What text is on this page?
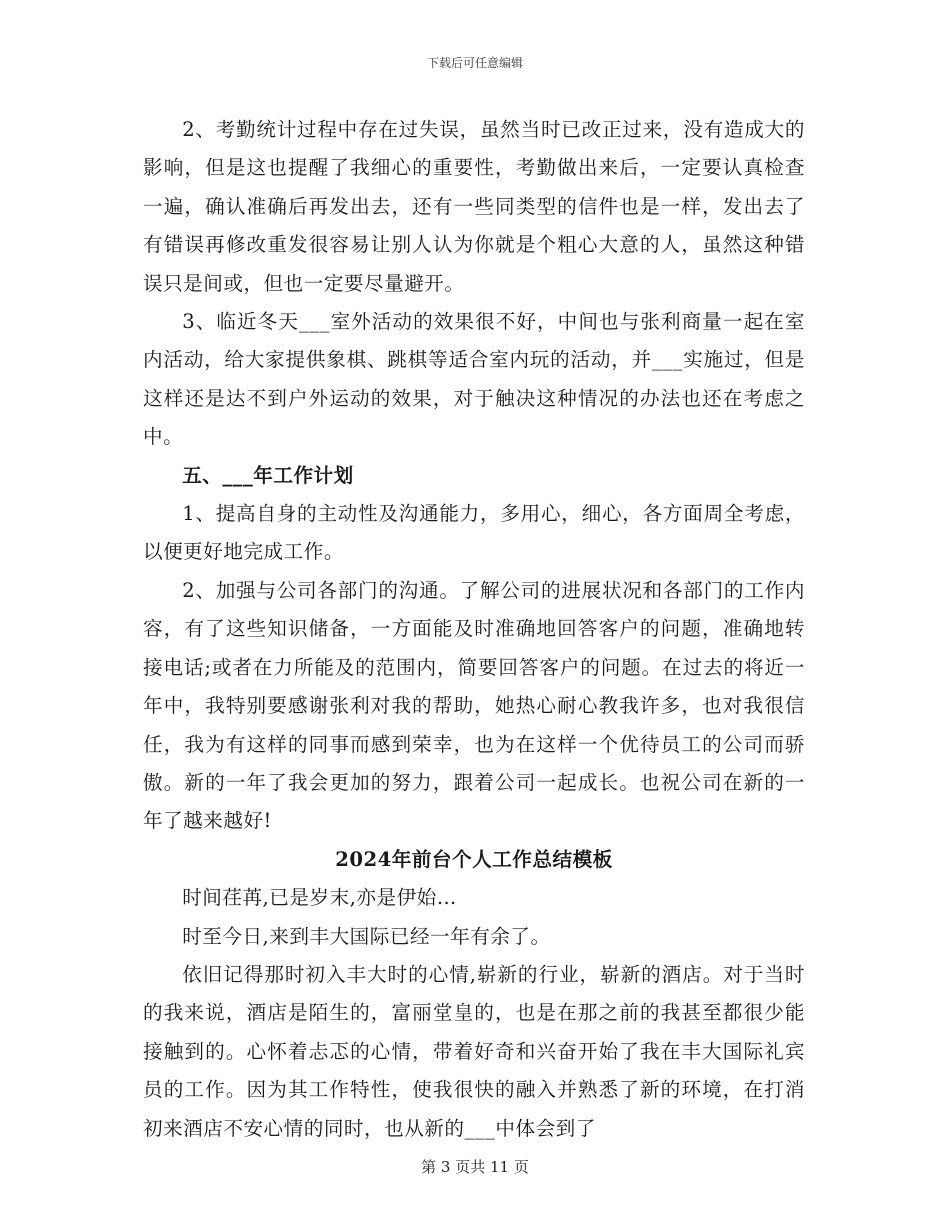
下载后可任意编辑

2、考勤统计过程中存在过失误，虽然当时已改正过来，没有造成大的影响，但是这也提醒了我细心的重要性，考勤做出来后，一定要认真检查一遍，确认准确后再发出去，还有一些同类型的信件也是一样，发出去了有错误再修改重发很容易让别人认为你就是个粗心大意的人，虽然这种错误只是间或，但也一定要尽量避开。

3、临近冬天___室外活动的效果很不好，中间也与张利商量一起在室内活动，给大家提供象棋、跳棋等适合室内玩的活动，并___实施过，但是这样还是达不到户外运动的效果，对于触决这种情况的办法也还在考虑之中。

五、___年工作计划

1、提高自身的主动性及沟通能力，多用心，细心，各方面周全考虑，以便更好地完成工作。

2、加强与公司各部门的沟通。了解公司的进展状况和各部门的工作内容，有了这些知识储备，一方面能及时准确地回答客户的问题，准确地转接电话;或者在力所能及的范围内，简要回答客户的问题。在过去的将近一年中，我特别要感谢张利对我的帮助，她热心耐心教我许多，也对我很信任，我为有这样的同事而感到荣幸，也为在这样一个优待员工的公司而骄傲。新的一年了我会更加的努力，跟着公司一起成长。也祝公司在新的一年了越来越好!

2024年前台个人工作总结模板

时间荏苒,已是岁末,亦是伊始…

时至今日,来到丰大国际已经一年有余了。

依旧记得那时初入丰大时的心情,崭新的行业，崭新的酒店。对于当时的我来说，酒店是陌生的，富丽堂皇的，也是在那之前的我甚至都很少能接触到的。心怀着忐忑的心情，带着好奇和兴奋开始了我在丰大国际礼宾员的工作。因为其工作特性，使我很快的融入并熟悉了新的环境，在打消初来酒店不安心情的同时，也从新的___中体会到了

第 3 页共 11 页
